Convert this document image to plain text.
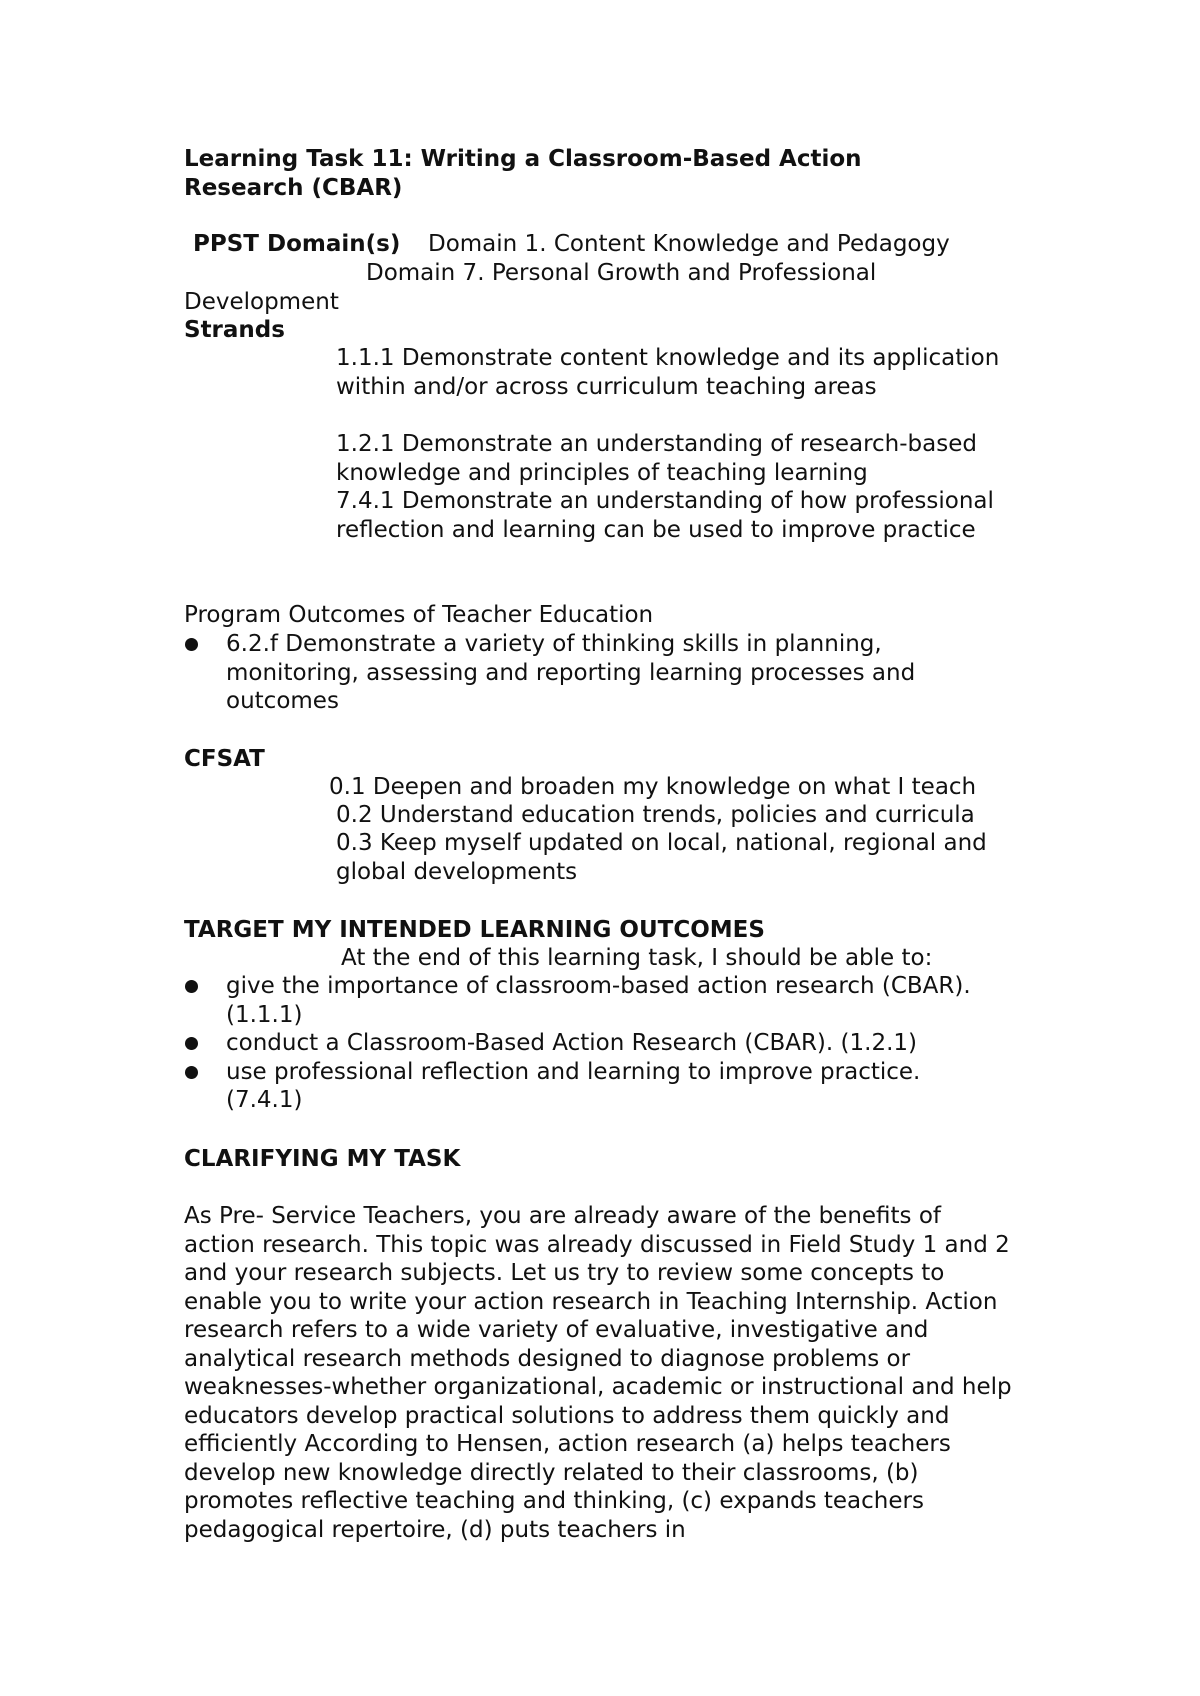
Learning Task 11: Writing a Classroom-Based Action Research (CBAR)
PPST Domain(s) Domain 1. Content Knowledge and Pedagogy
Domain 7. Personal Growth and Professional
Development
Strands
1.1.1 Demonstrate content knowledge and its application within and/or across curriculum teaching areas
1.2.1 Demonstrate an understanding of research-based knowledge and principles of teaching learning
7.4.1 Demonstrate an understanding of how professional reflection and learning can be used to improve practice
Program Outcomes of Teacher Education
6.2.f Demonstrate a variety of thinking skills in planning, monitoring, assessing and reporting learning processes and outcomes
CFSAT
0.1 Deepen and broaden my knowledge on what I teach
0.2 Understand education trends, policies and curricula
0.3 Keep myself updated on local, national, regional and global developments
TARGET MY INTENDED LEARNING OUTCOMES
At the end of this learning task, I should be able to:
give the importance of classroom-based action research (CBAR). (1.1.1)
conduct a Classroom-Based Action Research (CBAR). (1.2.1)
use professional reflection and learning to improve practice. (7.4.1)
CLARIFYING MY TASK
As Pre- Service Teachers, you are already aware of the benefits of action research. This topic was already discussed in Field Study 1 and 2 and your research subjects. Let us try to review some concepts to enable you to write your action research in Teaching Internship. Action research refers to a wide variety of evaluative, investigative and analytical research methods designed to diagnose problems or weaknesses-whether organizational, academic or instructional and help educators develop practical solutions to address them quickly and efficiently According to Hensen, action research (a) helps teachers develop new knowledge directly related to their classrooms, (b) promotes reflective teaching and thinking, (c) expands teachers pedagogical repertoire, (d) puts teachers in
